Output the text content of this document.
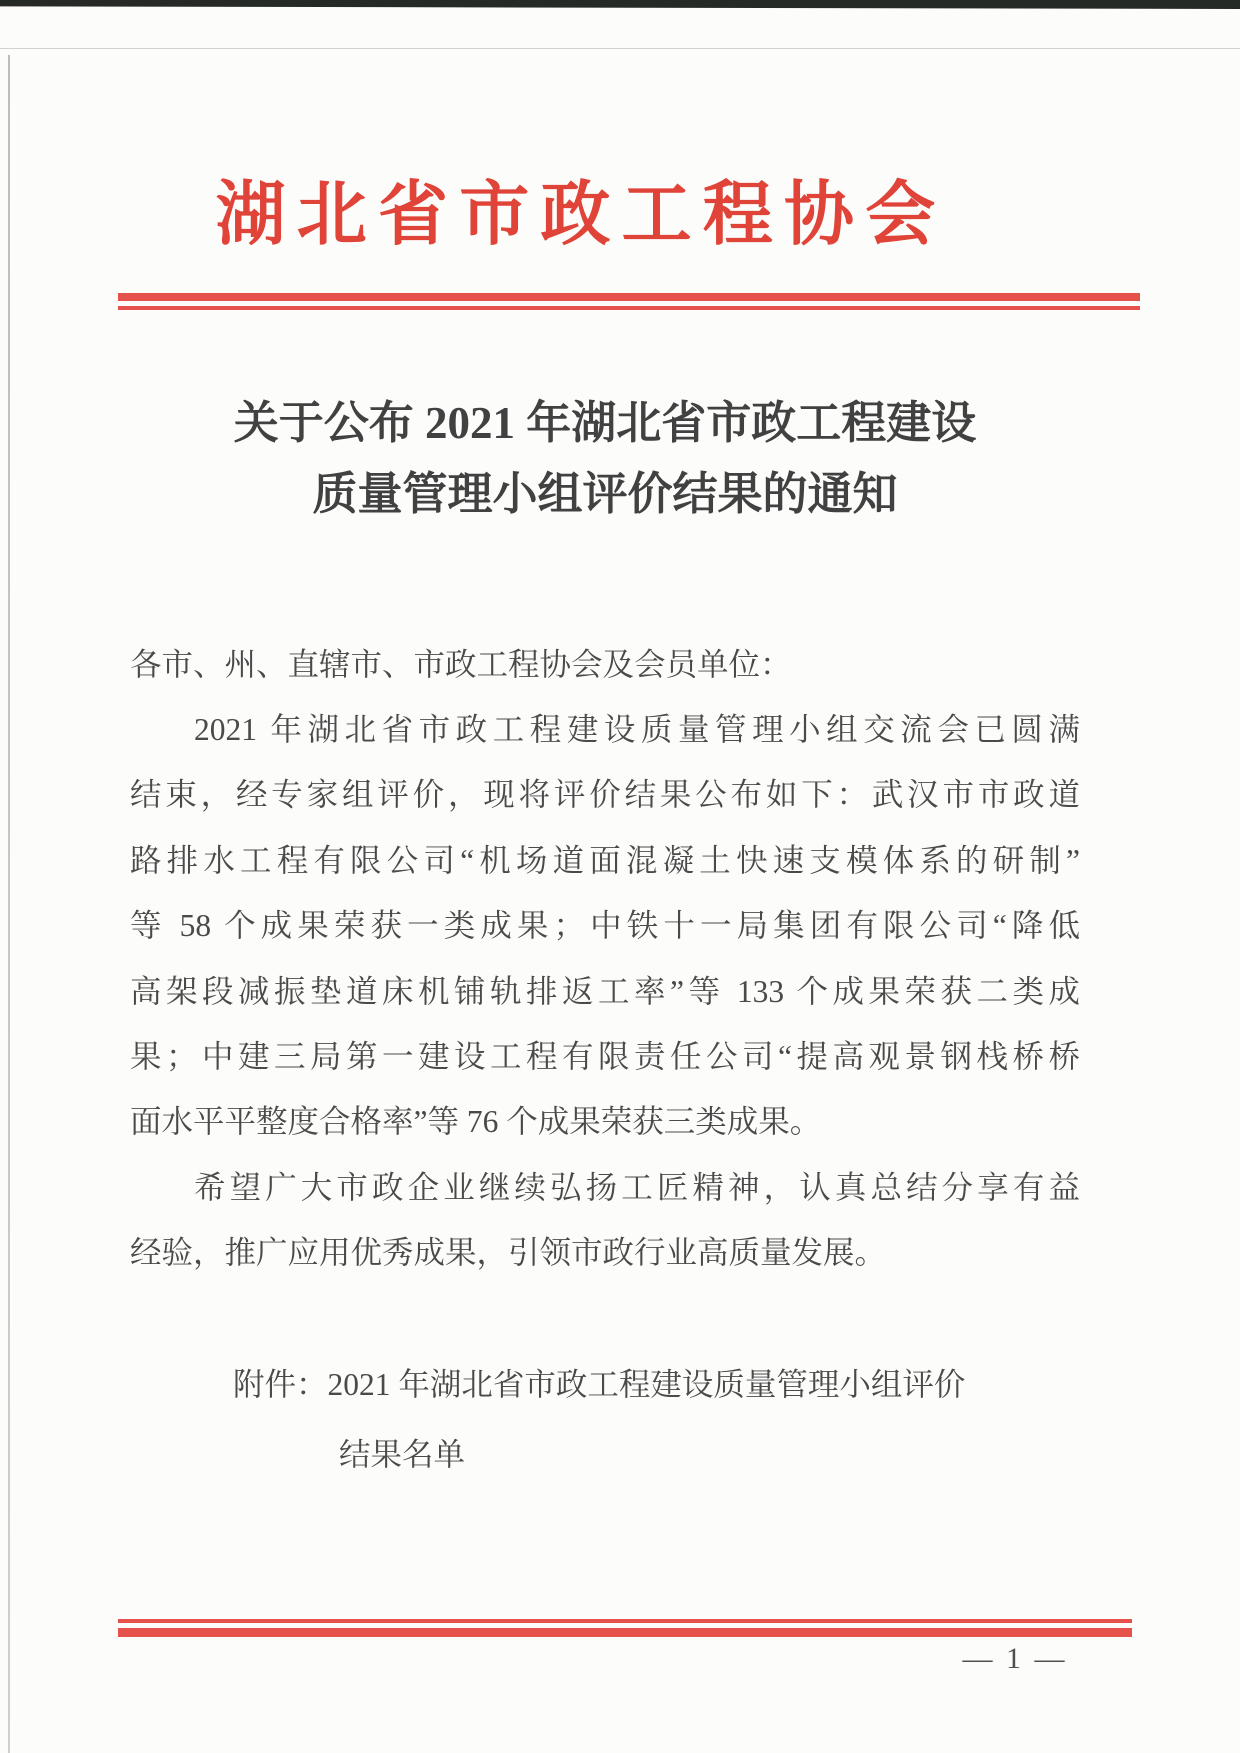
湖北省市政工程协会
关于公布 2021 年湖北省市政工程建设
质量管理小组评价结果的通知
各市、州、直辖市、市政工程协会及会员单位：
2021 年湖北省市政工程建设质量管理小组交流会已圆满
结束，经专家组评价，现将评价结果公布如下：武汉市市政道
路排水工程有限公司“机场道面混凝土快速支模体系的研制”
等 58 个成果荣获一类成果；中铁十一局集团有限公司“降低
高架段减振垫道床机铺轨排返工率”等 133 个成果荣获二类成
果；中建三局第一建设工程有限责任公司“提高观景钢栈桥桥
面水平平整度合格率”等 76 个成果荣获三类成果。
希望广大市政企业继续弘扬工匠精神，认真总结分享有益
经验，推广应用优秀成果，引领市政行业高质量发展。
附件：2021 年湖北省市政工程建设质量管理小组评价
结果名单
— 1 —
